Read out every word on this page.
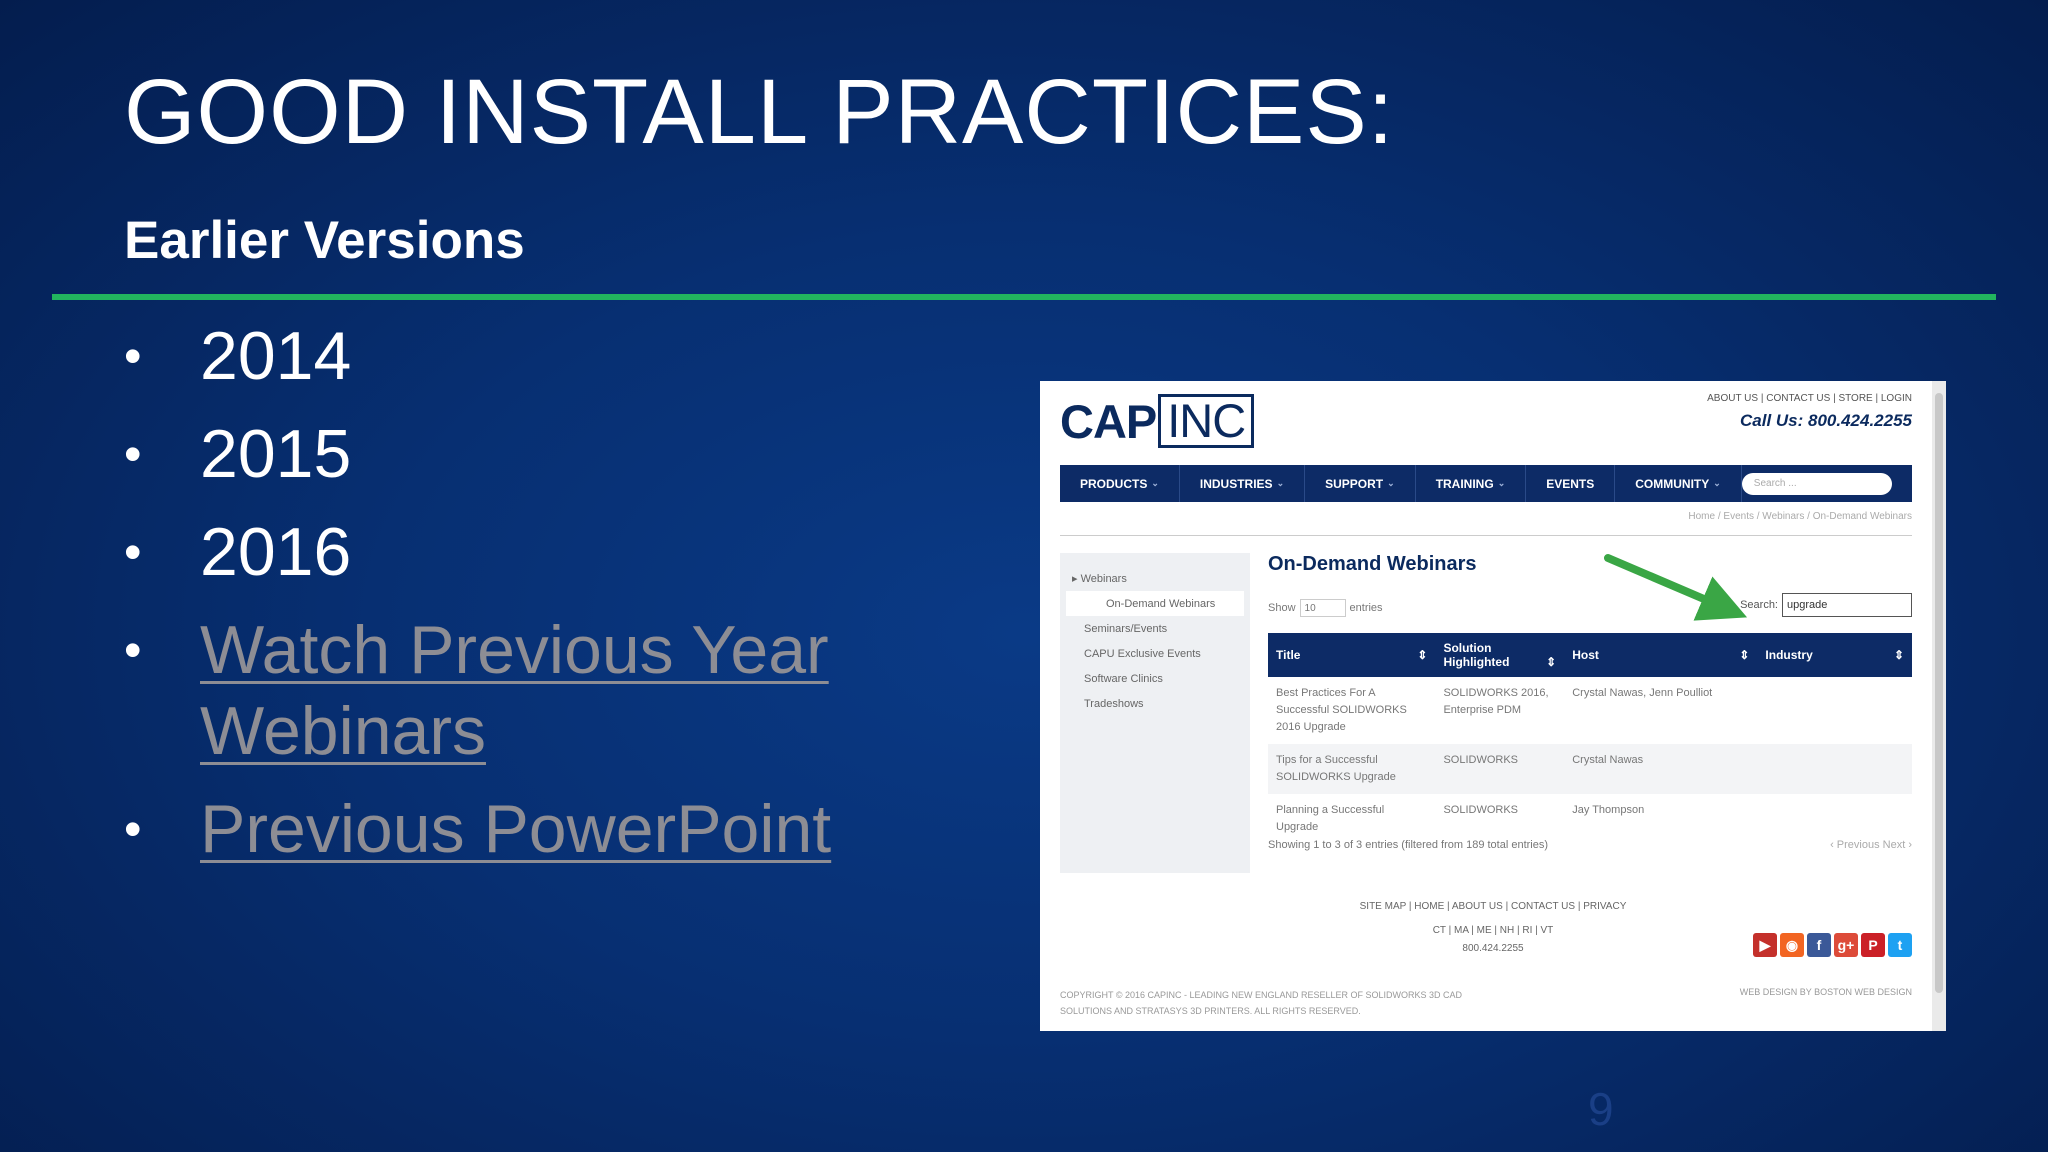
GOOD INSTALL PRACTICES:
Earlier Versions
• 2014
• 2015
• 2016
• Watch Previous Year Webinars
• Previous PowerPoint
9
CAP INC	ABOUT US | CONTACT US | STORE | LOGIN
Call Us: 800.424.2255
PRODUCTS ⌄	INDUSTRIES ⌄	SUPPORT ⌄	TRAINING ⌄	EVENTS	COMMUNITY ⌄	Search ...
Home / Events / Webinars / On-Demand Webinars
▸ Webinars
On-Demand Webinars
Seminars/Events
CAPU Exclusive Events
Software Clinics
Tradeshows
On-Demand Webinars
Show 10	entries	Search: upgrade
Title ⇕	Solution Highlighted ⇕	Host ⇕	Industry ⇕

Best Practices For A Successful SOLIDWORKS 2016 Upgrade	SOLIDWORKS 2016, Enterprise PDM	Crystal Nawas, Jenn Poulliot	
Tips for a Successful SOLIDWORKS Upgrade	SOLIDWORKS	Crystal Nawas	
Planning a Successful Upgrade	SOLIDWORKS	Jay Thompson	
Showing 1 to 3 of 3 entries (filtered from 189 total entries)	‹ Previous Next ›
SITE MAP | HOME | ABOUT US | CONTACT US | PRIVACY
CT | MA | ME | NH | RI | VT
800.424.2255	▶	◉	f	g+ P	t
COPYRIGHT © 2016 CAPINC - LEADING NEW ENGLAND RESELLER OF SOLIDWORKS 3D CAD
SOLUTIONS AND STRATASYS 3D PRINTERS. ALL RIGHTS RESERVED.
WEB DESIGN BY BOSTON WEB DESIGN
